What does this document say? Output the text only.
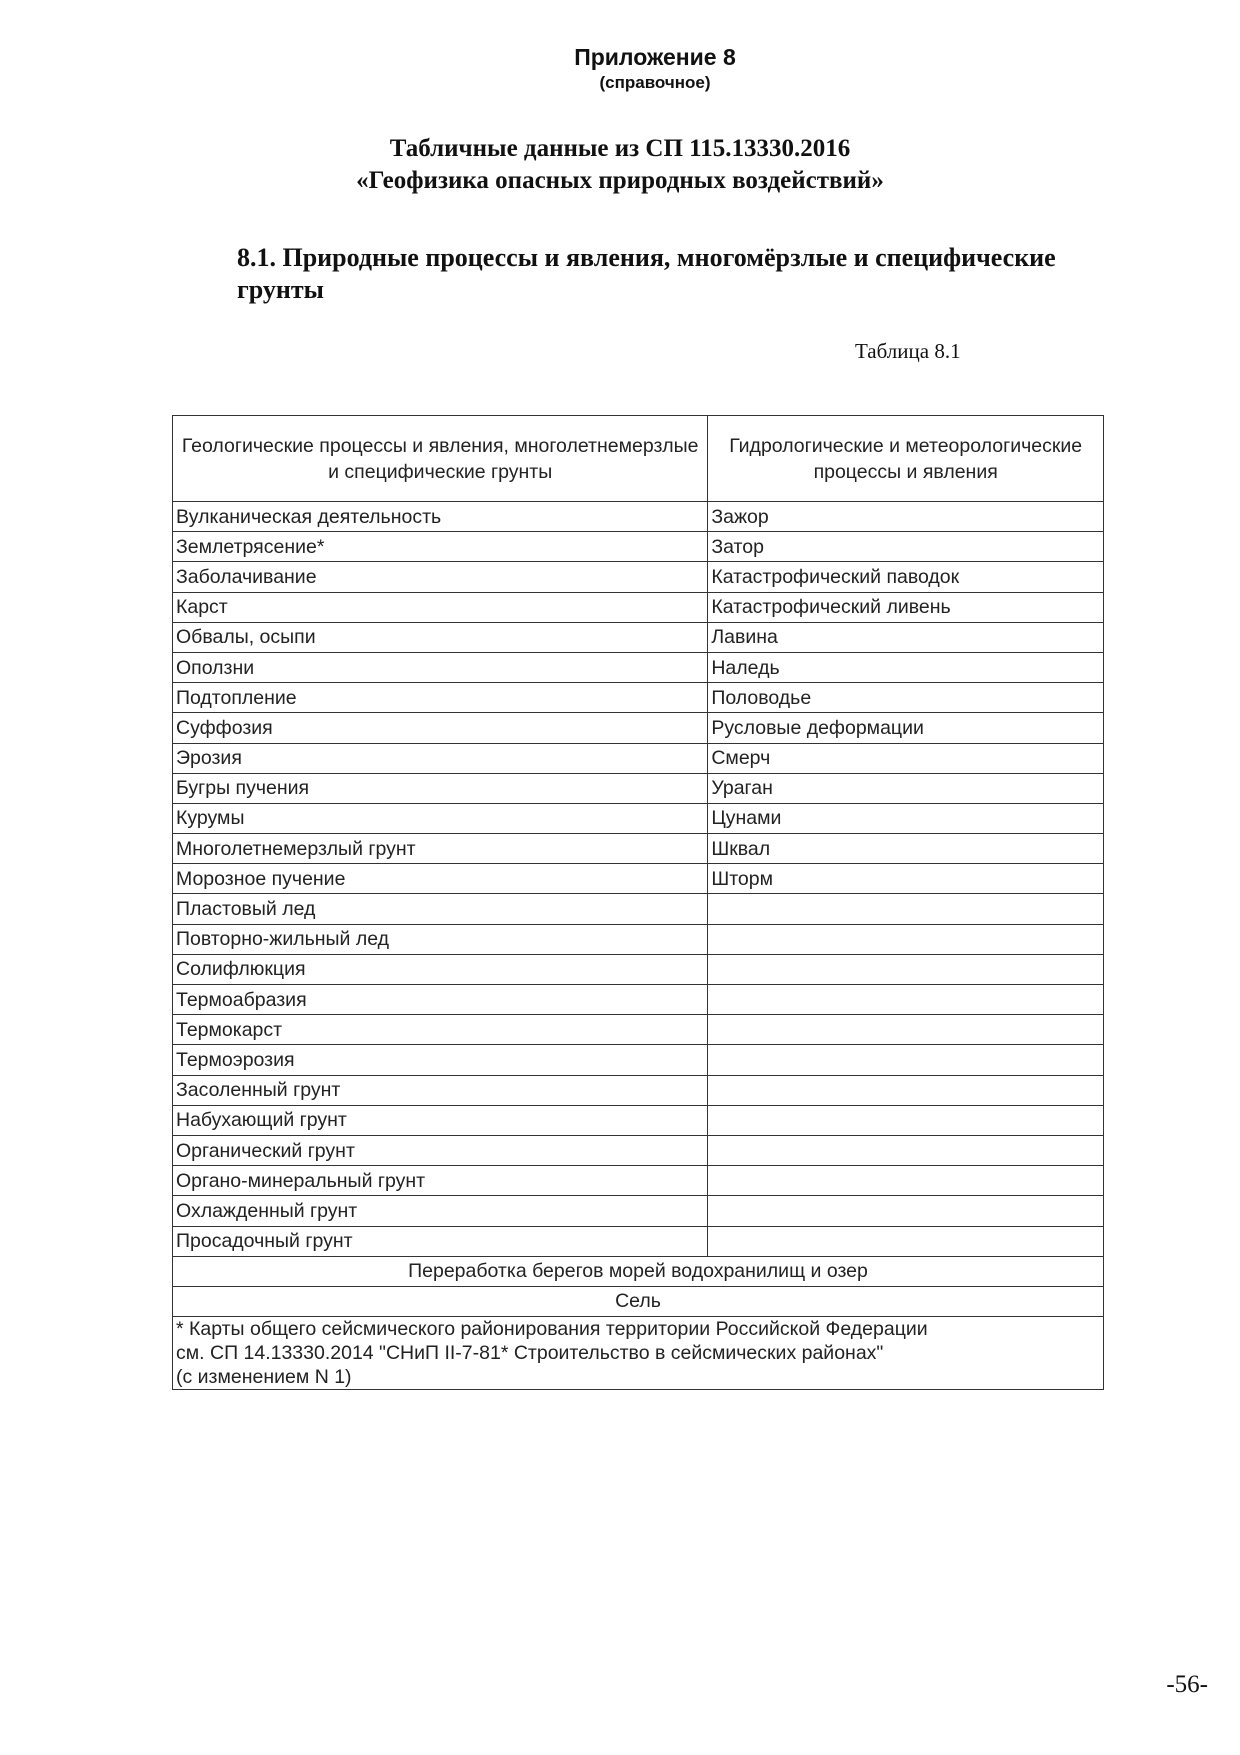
Приложение 8
(справочное)
Табличные данные из СП 115.13330.2016
«Геофизика опасных природных воздействий»
8.1. Природные процессы и явления, многомёрзлые и специфические
грунты
Таблица 8.1
Геологические процессы и явления, многолетнемерзлые и специфические грунты	Гидрологические и метеорологические процессы и явления
Вулканическая деятельность	Зажор
Землетрясение*	Затор
Заболачивание	Катастрофический паводок
Карст	Катастрофический ливень
Обвалы, осыпи	Лавина
Оползни	Наледь
Подтопление	Половодье
Суффозия	Русловые деформации
Эрозия	Смерч
Бугры пучения	Ураган
Курумы	Цунами
Многолетнемерзлый грунт	Шквал
Морозное пучение	Шторм
Пластовый лед	
Повторно-жильный лед	
Солифлюкция	
Термоабразия	
Термокарст	
Термоэрозия	
Засоленный грунт	
Набухающий грунт	
Органический грунт	
Органо-минеральный грунт	
Охлажденный грунт	
Просадочный грунт	
Переработка берегов морей водохранилищ и озер	
Сель	

* Карты общего сейсмического районирования территории Российской Федерации
см. СП 14.13330.2014 "СНиП II-7-81* Строительство в сейсмических районах"
(с изменением N 1)	
-56-
